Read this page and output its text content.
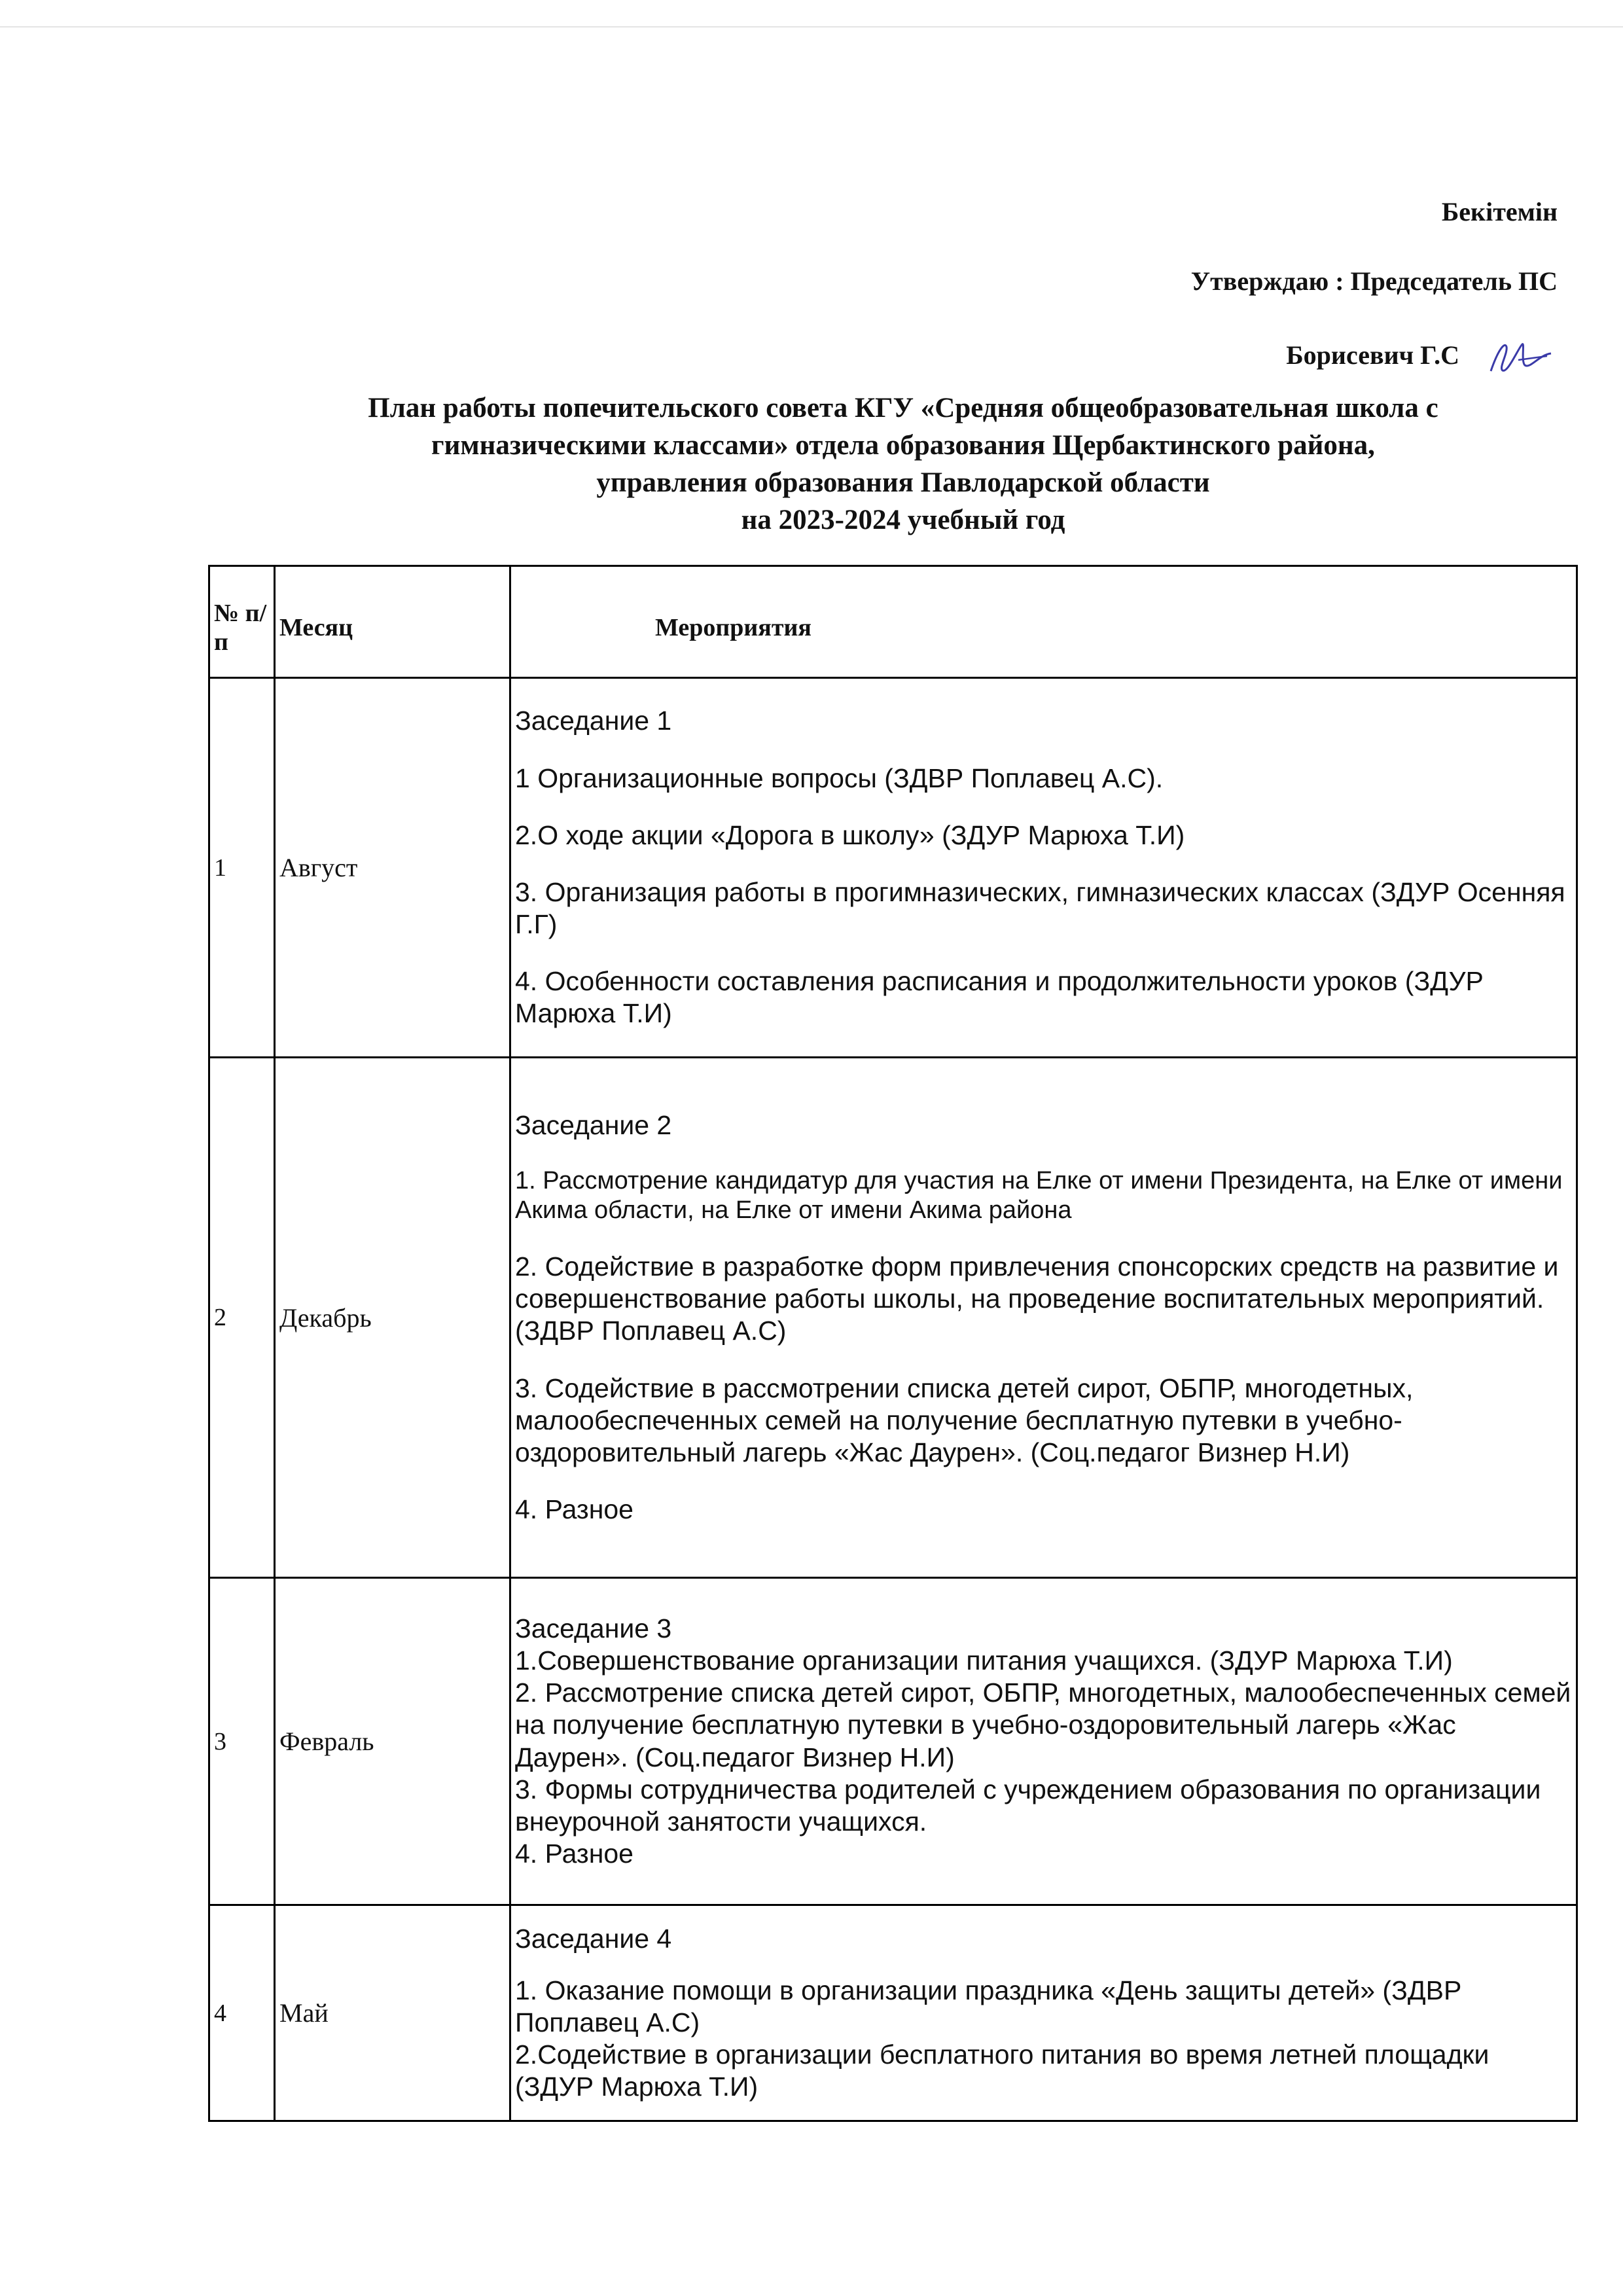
Бекітемін
Утверждаю : Председатель ПС
Борисевич Г.С
План работы попечительского совета КГУ «Средняя общеобразовательная школа с
гимназическими классами» отдела образования Щербактинского района,
управления образования Павлодарской области
на 2023-2024 учебный год
№ п/п	Месяц	Мероприятия
1	Август	Заседание 1

1 Организационные вопросы (ЗДВР Поплавец А.С).

2.О ходе акции «Дорога в школу» (ЗДУР Марюха Т.И)

3. Организация работы в прогимназических, гимназических классах (ЗДУР Осенняя Г.Г)

4. Особенности составления расписания и продолжительности уроков (ЗДУР Марюха Т.И)

2	Декабрь	Заседание 2

1. Рассмотрение кандидатур для участия на Елке от имени Президента, на Елке от имени Акима области, на Елке от имени Акима района

2. Содействие в разработке форм привлечения спонсорских средств на развитие и совершенствование работы школы, на проведение воспитательных мероприятий. (ЗДВР Поплавец А.С)

3. Содействие в рассмотрении списка детей сирот, ОБПР, многодетных, малообеспеченных семей на получение бесплатную путевки в учебно-оздоровительный лагерь «Жас Даурен». (Соц.педагог Визнер Н.И)

4. Разное

3	Февраль	Заседание 3

1.Совершенствование организации питания учащихся. (ЗДУР Марюха Т.И)

2. Рассмотрение списка детей сирот, ОБПР, многодетных, малообеспеченных семей на получение бесплатную путевки в учебно-оздоровительный лагерь «Жас Даурен». (Соц.педагог Визнер Н.И)

3. Формы сотрудничества родителей с учреждением образования по организации внеурочной занятости учащихся.

4. Разное

4	Май	Заседание 4

1. Оказание помощи в организации праздника «День защиты детей» (ЗДВР Поплавец А.С)

2.Содействие в организации бесплатного питания во время летней площадки (ЗДУР Марюха Т.И)
